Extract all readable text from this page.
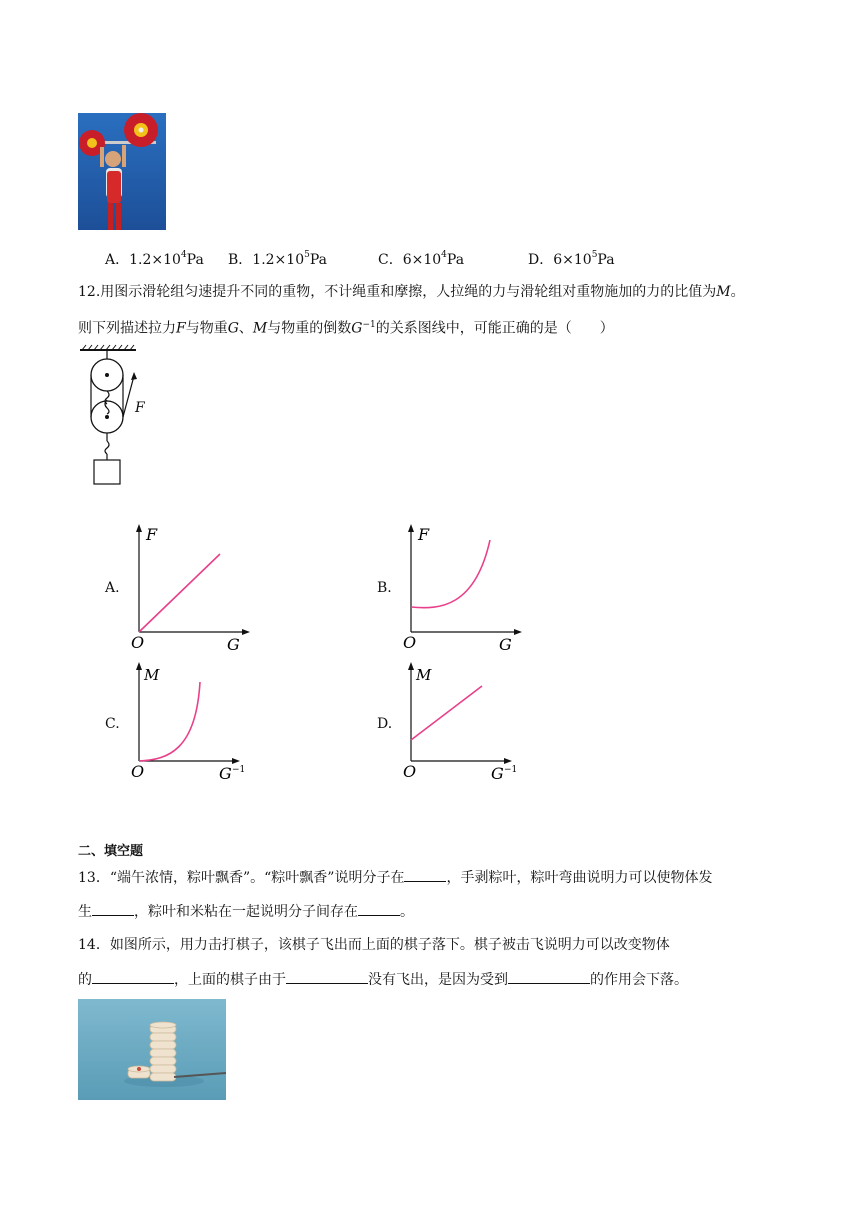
A．$1.2\times 10^4Pa$ B．$1.2\times 10^5Pa$	C．$6\times 10^4Pa$	D．$6\times 10^5Pa$
12.用图示滑轮组匀速提升不同的重物，不计绳重和摩擦，人拉绳的力与滑轮组对重物施加的力的比值为M。
则下列描述拉力F与物重G、M与物重的倒数$G^{-1}$的关系图线中，可能正确的是（　　）
F
A.
F
O	G
B.
F
O	G
C.
M
O	G −1
D.
M
O	G −1
二、填空题
13．“端午浓情，粽叶飘香”。“粽叶飘香”说明分子在	，手剥粽叶，粽叶弯曲说明力可以使物体发
生	，粽叶和米粘在一起说明分子间存在	。
14．如图所示，用力击打棋子，该棋子飞出而上面的棋子落下。棋子被击飞说明力可以改变物体
的	，上面的棋子由于	没有飞出，是因为受到	的作用会下落。
